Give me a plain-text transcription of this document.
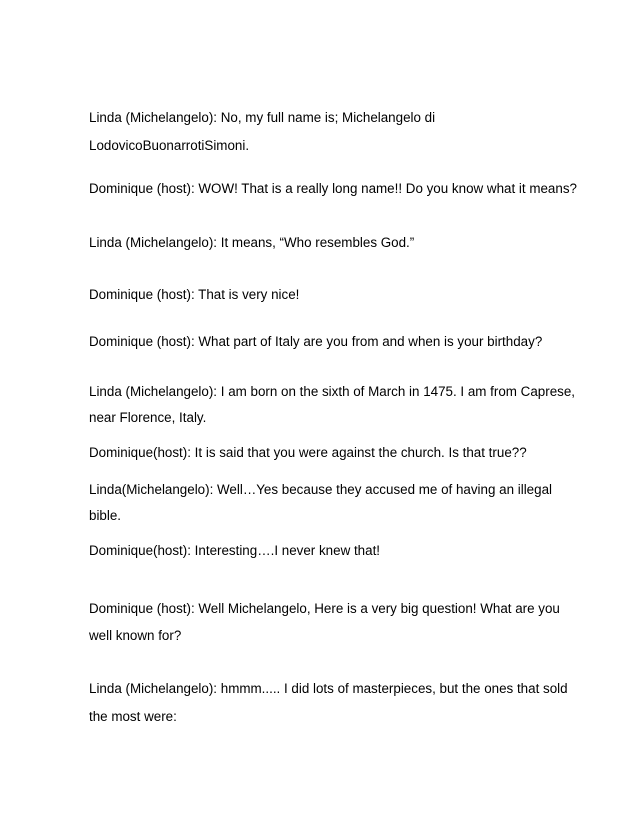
Linda (Michelangelo): No, my full name is; Michelangelo di

LodovicoBuonarrotiSimoni.

Dominique (host): WOW! That is a really long name!! Do you know what it means?

Linda (Michelangelo): It means, “Who resembles God.”

Dominique (host): That is very nice!

Dominique (host): What part of Italy are you from and when is your birthday?

Linda (Michelangelo): I am born on the sixth of March in 1475. I am from Caprese,

near Florence, Italy.

Dominique(host): It is said that you were against the church. Is that true??

Linda(Michelangelo): Well…Yes because they accused me of having an illegal

bible.

Dominique(host): Interesting….I never knew that!

Dominique (host): Well Michelangelo, Here is a very big question! What are you

well known for?

Linda (Michelangelo): hmmm..... I did lots of masterpieces, but the ones that sold

the most were:
